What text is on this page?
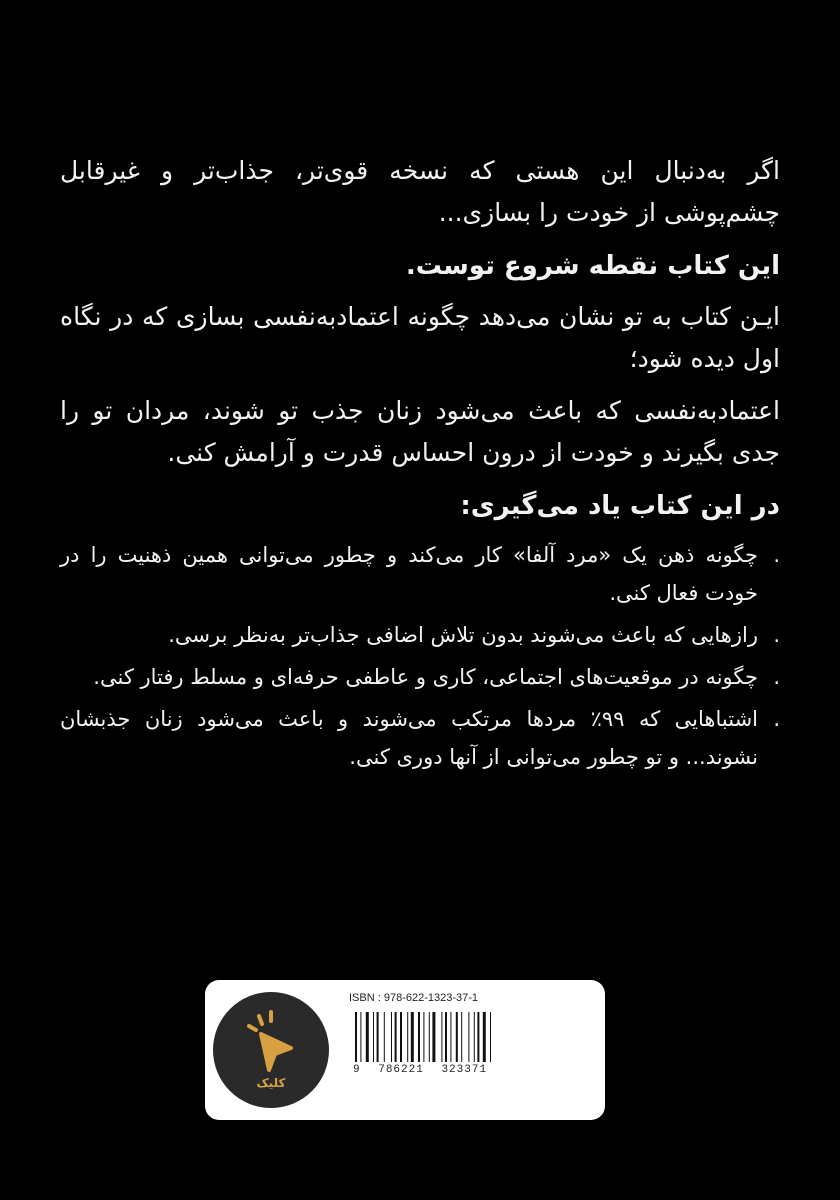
اگر به‌دنبال این هستی که نسخه قوی‌تر، جذاب‌تر و غیرقابل چشم‌پوشی از خودت را بسازی...

این کتاب نقطه شروع توست.

ایـن کتاب به تو نشان می‌دهد چگونه اعتمادبه‌نفسی بسازی که در نگاه اول دیده شود؛

اعتمادبه‌نفسی که باعث می‌شود زنان جذب تو شوند، مردان تو را جدی بگیرند و خودت از درون احساس قدرت و آرامش کنی.

در این کتاب یاد می‌گیری:

.
چگونه ذهن یک «مرد آلفا» کار می‌کند و چطور می‌توانی همین ذهنیت را در خودت فعال کنی.
.
رازهایی که باعث می‌شوند بدون تلاش اضافی جذاب‌تر به‌نظر برسی.
.
چگونه در موقعیت‌های اجتماعی، کاری و عاطفی حرفه‌ای و مسلط رفتار کنی.
.
اشتباهایی که ۹۹٪ مردها مرتکب می‌شوند و باعث می‌شود زنان جذبشان نشوند... و تو چطور می‌توانی از آنها دوری کنی.
کلیک
ISBN : 978-622-1323-37-1
9 786221 323371
